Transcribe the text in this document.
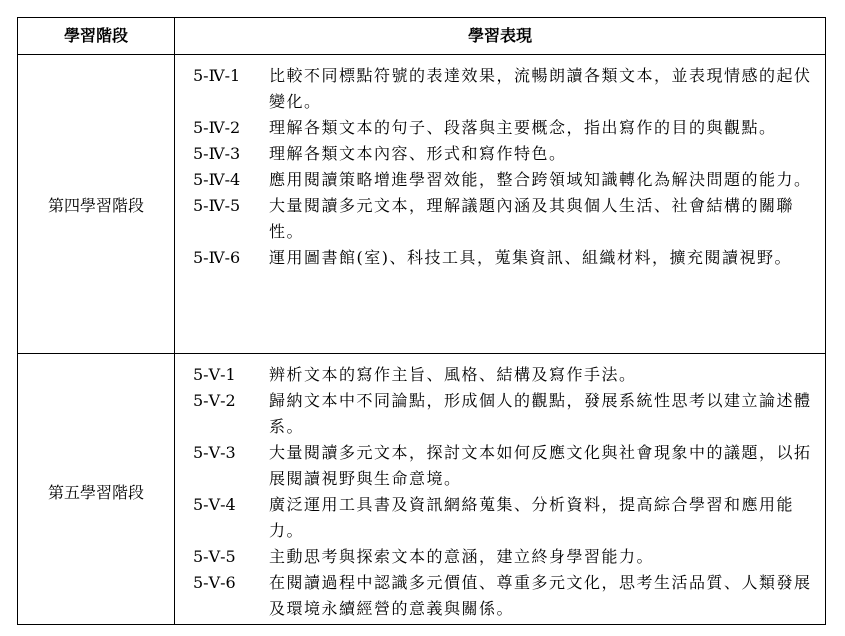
學習階段	學習表現
第四學習階段
5-Ⅳ-1	比較不同標點符號的表達效果，流暢朗讀各類文本，並表現情感的起伏變化。
5-Ⅳ-2	理解各類文本的句子、段落與主要概念，指出寫作的目的與觀點。
5-Ⅳ-3	理解各類文本內容、形式和寫作特色。
5-Ⅳ-4	應用閱讀策略增進學習效能，整合跨領域知識轉化為解決問題的能力。
5-Ⅳ-5	大量閱讀多元文本，理解議題內涵及其與個人生活、社會結構的關聯性。
5-Ⅳ-6	運用圖書館(室)、科技工具，蒐集資訊、組織材料，擴充閱讀視野。
第五學習階段
5-Ⅴ-1	辨析文本的寫作主旨、風格、結構及寫作手法。
5-Ⅴ-2	歸納文本中不同論點，形成個人的觀點，發展系統性思考以建立論述體系。
5-Ⅴ-3	大量閱讀多元文本，探討文本如何反應文化與社會現象中的議題，以拓展閱讀視野與生命意境。
5-Ⅴ-4	廣泛運用工具書及資訊網絡蒐集、分析資料，提高綜合學習和應用能力。
5-Ⅴ-5	主動思考與探索文本的意涵，建立終身學習能力。
5-Ⅴ-6	在閱讀過程中認識多元價值、尊重多元文化，思考生活品質、人類發展及環境永續經營的意義與關係。
